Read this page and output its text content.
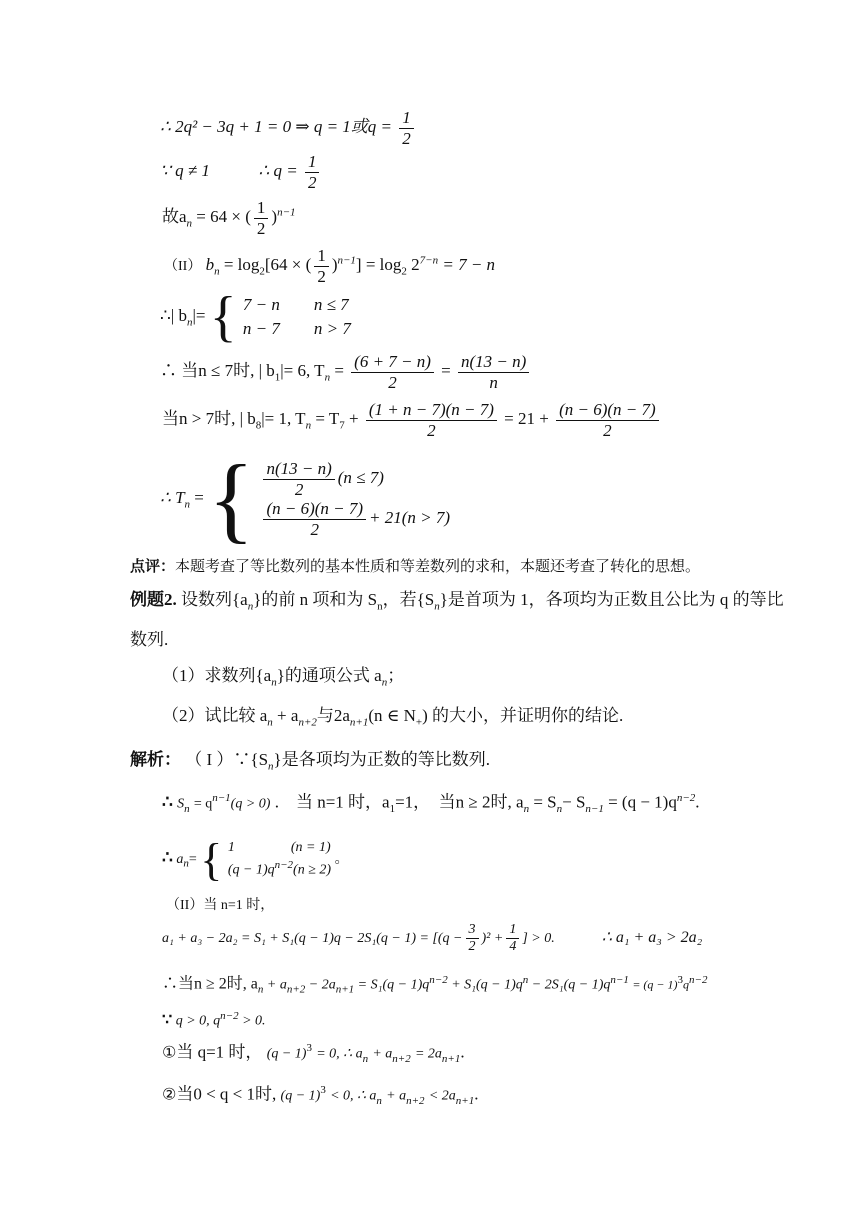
∴ 2q² − 3q + 1 = 0 ⇒ q = 1或$q = \frac{1}{2}$
∵ q ≠ 1	∴ $q = \frac{1}{2}$
故$a_n = 64$ × ( $\frac{1}{2} )^{n-1}$
（II） $b_n = \log_2[64$ × ( $\frac{1}{2} )^{n-1}] = \log_2 2^{7-n} = 7 - n$
∴| $b_n|=$ { 7 − n        n ≤ 7
n − 7        n > 7
∴ 当n ≤ 7时, | $b_1|= 6$, $T_n = \frac{(6 + 7 - n)}{2} = \frac{n(13 - n)}{n}$
当n > 7时, | $b_8|= 1$, $T_n = T_7 + \frac{(1 + n - 7)(n - 7)}{2} = 21 + \frac{(n - 6)(n - 7)}{2}$
∴ $T_n$ = { $\frac{n(13 - n)}{2} (n \le 7)$
$\frac{(n - 6)(n - 7)}{2} + 21(n > 7)$
点评：本题考查了等比数列的基本性质和等差数列的求和，本题还考查了转化的思想。
例题2. 设数列$\{a_n\}$的前 n 项和为 $S_n$，若$\{S_n\}$是首项为 1，各项均为正数且公比为 q 的等比
数列.
（1）求数列$\{a_n\}$的通项公式 $a_n$；
（2）试比较 $a_n + a_{n+2}$与$2a_{n+1}(n$ ∈ $N_+$) 的大小，并证明你的结论.
解析： （ I ）$\because\{S_n\}$是各项均为正数的等比数列.
∴ $S_n = q^{n-1}(q > 0)$ .　当 n=1 时，$a_1=1$，　当n ≥ 2时, $a_n = S_n- S_{n-1} = (q - 1)q^{n-2}$.
∴ $a_n=$ { 1                (n = 1)
$(q - 1)q^{n-2}(n \ge 2)$
。
（II）当 n=1 时，
$a_1 + a_3 - 2a_2 = S_1 + S_1(q - 1)q - 2S_1(q - 1) = [(q - \frac{3}{2} )^2 + \frac{1}{4}$ ] > 0.	∴ a₁ + a₃ > 2a₂
∴当n ≥ 2时, $a_n + a_{n+2} - 2a_{n+1} = S_1(q - 1)q^{n-2} + S_1(q - 1)q^n - 2S_1(q - 1)q^{n-1} = (q - 1)^3q^{n-2}$
∵ q > 0, $q^{n-2} > 0$.
①当 q=1 时， $(q - 1)^3 = 0$, ∴ $a_n + a_{n+2} = 2a_{n+1}$.
②当0 < q < 1时, $(q - 1)^3 < 0$, ∴ $a_n + a_{n+2} < 2a_{n+1}$.
